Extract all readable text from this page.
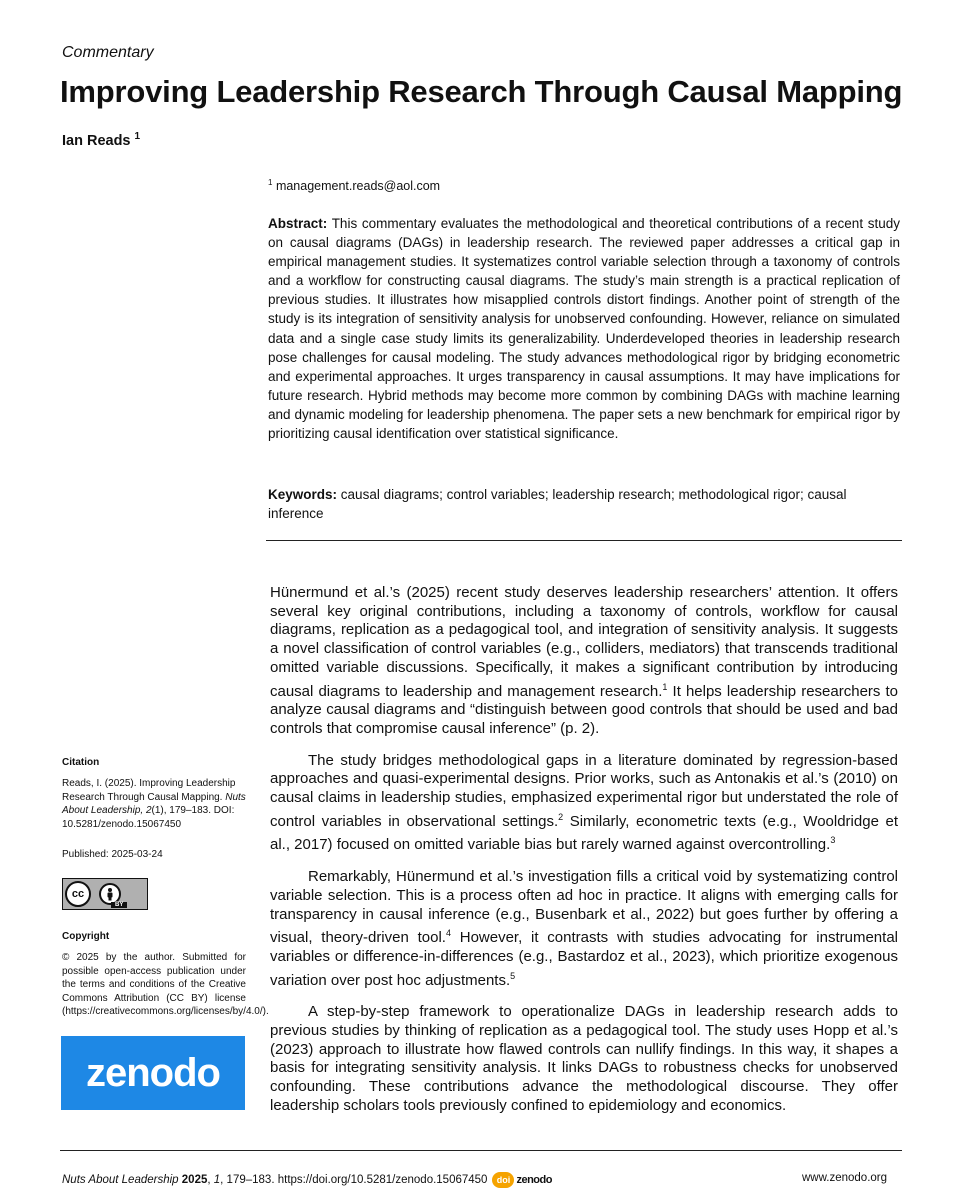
Commentary
Improving Leadership Research Through Causal Mapping
Ian Reads $^1$
$^1$ management.reads@aol.com
Abstract: This commentary evaluates the methodological and theoretical contributions of a recent study on causal diagrams (DAGs) in leadership research. The reviewed paper addresses a critical gap in empirical management studies. It systematizes control variable selection through a taxonomy of controls and a workflow for constructing causal diagrams. The study’s main strength is a practical replication of previous studies. It illustrates how misapplied controls distort findings. Another point of strength of the study is its integration of sensitivity analysis for unobserved confounding. However, reliance on simulated data and a single case study limits its generalizability. Underdeveloped theories in leadership research pose challenges for causal modeling. The study advances methodological rigor by bridging econometric and experimental approaches. It urges transparency in causal assumptions. It may have implications for future research. Hybrid methods may become more common by combining DAGs with machine learning and dynamic modeling for leadership phenomena. The paper sets a new benchmark for empirical rigor by prioritizing causal identification over statistical significance.
Keywords: causal diagrams; control variables; leadership research; methodological rigor; causal inference

Hünermund et al.’s (2025) recent study deserves leadership researchers’ attention. It offers several key original contributions, including a taxonomy of controls, workflow for causal diagrams, replication as a pedagogical tool, and integration of sensitivity analysis. It suggests a novel classification of control variables (e.g., colliders, mediators) that transcends traditional omitted variable discussions. Specifically, it makes a significant contribution by introducing causal diagrams to leadership and management research.$^1$ It helps leadership researchers to analyze causal diagrams and “distinguish between good controls that should be used and bad controls that compromise causal inference” (p. 2).

The study bridges methodological gaps in a literature dominated by regression-based approaches and quasi-experimental designs. Prior works, such as Antonakis et al.’s (2010) on causal claims in leadership studies, emphasized experimental rigor but understated the role of control variables in observational settings.$^2$ Similarly, econometric texts (e.g., Wooldridge et al., 2017) focused on omitted variable bias but rarely warned against overcontrolling.$^3$

Remarkably, Hünermund et al.’s investigation fills a critical void by systematizing control variable selection. This is a process often ad hoc in practice. It aligns with emerging calls for transparency in causal inference (e.g., Busenbark et al., 2022) but goes further by offering a visual, theory-driven tool.$^4$ However, it contrasts with studies advocating for instrumental variables or difference-in-differences (e.g., Bastardoz et al., 2023), which prioritize exogenous variation over post hoc adjustments.$^5$

A step-by-step framework to operationalize DAGs in leadership research adds to previous studies by thinking of replication as a pedagogical tool. The study uses Hopp et al.’s (2023) approach to illustrate how flawed controls can nullify findings. In this way, it shapes a basis for integrating sensitivity analysis. It links DAGs to robustness checks for unobserved confounding. These contributions advance the methodological discourse. They offer leadership scholars tools previously confined to epidemiology and economics.

Citation
Reads, I. (2025). Improving Leadership Research Through Causal Mapping. Nuts About Leadership, 2(1), 179–183. DOI: 10.5281/zenodo.15067450
Published: 2025-03-24
cc
BY
Copyright
© 2025 by the author. Submitted for possible open-access publication under the terms and conditions of the Creative Commons Attribution (CC BY) license (https://creativecommons.org/licenses/by/4.0/).
zenodo
Nuts About Leadership
2025 , 1 , 179–183. https://doi.org/10.5281/zenodo.15067450	doi zenodo	www.zenodo.org
